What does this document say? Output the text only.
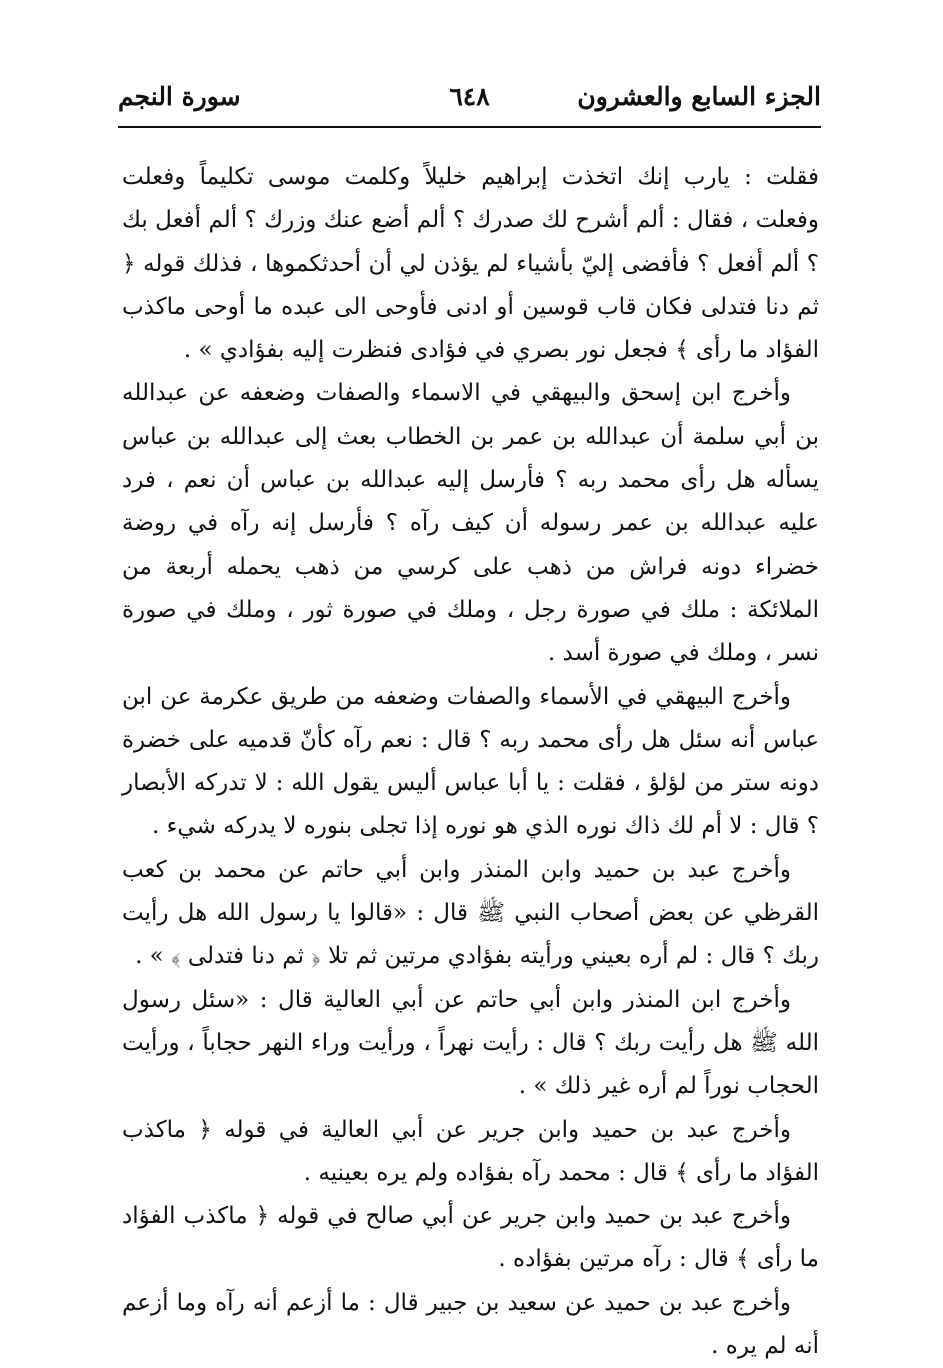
الجزء السابع والعشرون
٦٤٨
سورة النجم

فقلت : يارب إنك اتخذت إبراهيم خليلاً وكلمت موسى تكليماً وفعلت وفعلت ، فقال : ألم أشرح لك صدرك ؟ ألم أضع عنك وزرك ؟ ألم أفعل بك ؟ ألم أفعل ؟ فأفضى إليّ بأشياء لم يؤذن لي أن أحدثكموها ، فذلك قوله ﴿ ثم دنا فتدلى فكان قاب قوسين أو ادنى فأوحى الى عبده ما أوحى ماكذب الفؤاد ما رأى ﴾ فجعل نور بصري في فؤادى فنظرت إليه بفؤادي » .

وأخرج ابن إسحق والبيهقي في الاسماء والصفات وضعفه عن عبدالله بن أبي سلمة أن عبدالله بن عمر بن الخطاب بعث إلى عبدالله بن عباس يسأله هل رأى محمد ربه ؟ فأرسل إليه عبدالله بن عباس أن نعم ، فرد عليه عبدالله بن عمر رسوله أن كيف رآه ؟ فأرسل إنه رآه في روضة خضراء دونه فراش من ذهب على كرسي من ذهب يحمله أربعة من الملائكة : ملك في صورة رجل ، وملك في صورة ثور ، وملك في صورة نسر ، وملك في صورة أسد .

وأخرج البيهقي في الأسماء والصفات وضعفه من طريق عكرمة عن ابن عباس أنه سئل هل رأى محمد ربه ؟ قال : نعم رآه كأنّ قدميه على خضرة دونه ستر من لؤلؤ ، فقلت : يا أبا عباس أليس يقول الله : لا تدركه الأبصار ؟ قال : لا أم لك ذاك نوره الذي هو نوره إذا تجلى بنوره لا يدركه شيء .

وأخرج عبد بن حميد وابن المنذر وابن أبي حاتم عن محمد بن كعب القرظي عن بعض أصحاب النبي ﷺ قال : «قالوا يا رسول الله هل رأيت ربك ؟ قال : لم أره بعيني ورأيته بفؤادي مرتين ثم تلا ﴿ ثم دنا فتدلى ﴾ » .

وأخرج ابن المنذر وابن أبي حاتم عن أبي العالية قال : «سئل رسول الله ﷺ هل رأيت ربك ؟ قال : رأيت نهراً ، ورأيت وراء النهر حجاباً ، ورأيت الحجاب نوراً لم أره غير ذلك » .

وأخرج عبد بن حميد وابن جرير عن أبي العالية في قوله ﴿ ماكذب الفؤاد ما رأى ﴾ قال : محمد رآه بفؤاده ولم يره بعينيه .

وأخرج عبد بن حميد وابن جرير عن أبي صالح في قوله ﴿ ماكذب الفؤاد ما رأى ﴾ قال : رآه مرتين بفؤاده .

وأخرج عبد بن حميد عن سعيد بن جبير قال : ما أزعم أنه رآه وما أزعم أنه لم يره .
